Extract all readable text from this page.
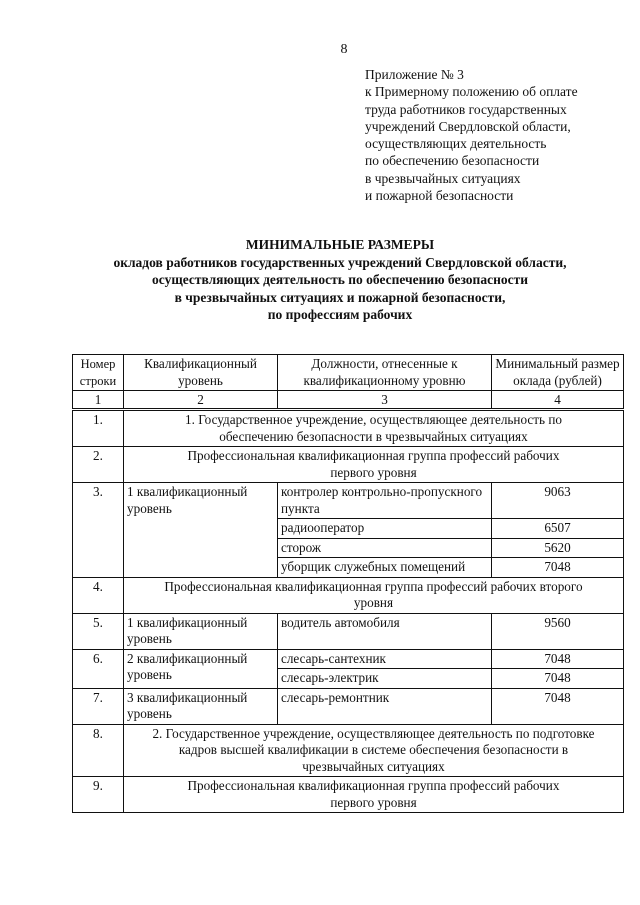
8
Приложение № 3
к Примерному положению об оплате
труда работников государственных
учреждений Свердловской области,
осуществляющих деятельность
по обеспечению безопасности
в чрезвычайных ситуациях
и пожарной безопасности
МИНИМАЛЬНЫЕ РАЗМЕРЫ
окладов работников государственных учреждений Свердловской области,
осуществляющих деятельность по обеспечению безопасности
в чрезвычайных ситуациях и пожарной безопасности,
по профессиям рабочих
Номер строки	Квалификационный уровень	Должности, отнесенные к квалификационному уровню	Минимальный размер оклада (рублей)
1	2	3	4
1.	1. Государственное учреждение, осуществляющее деятельность по обеспечению безопасности в чрезвычайных ситуациях		
2.	Профессиональная квалификационная группа профессий рабочих первого уровня		
3.	1 квалификационный уровень	контролер контрольно-пропускного пункта	9063
		радиооператор	6507
		сторож	5620
		уборщик служебных помещений	7048
4.	Профессиональная квалификационная группа профессий рабочих второго уровня		
5.	1 квалификационный уровень	водитель автомобиля	9560
6.	2 квалификационный уровень	слесарь-сантехник	7048
		слесарь-электрик	7048
7.	3 квалификационный уровень	слесарь-ремонтник	7048
8.	2. Государственное учреждение, осуществляющее деятельность по подготовке кадров высшей квалификации в системе обеспечения безопасности в чрезвычайных ситуациях		
9.	Профессиональная квалификационная группа профессий рабочих первого уровня		
